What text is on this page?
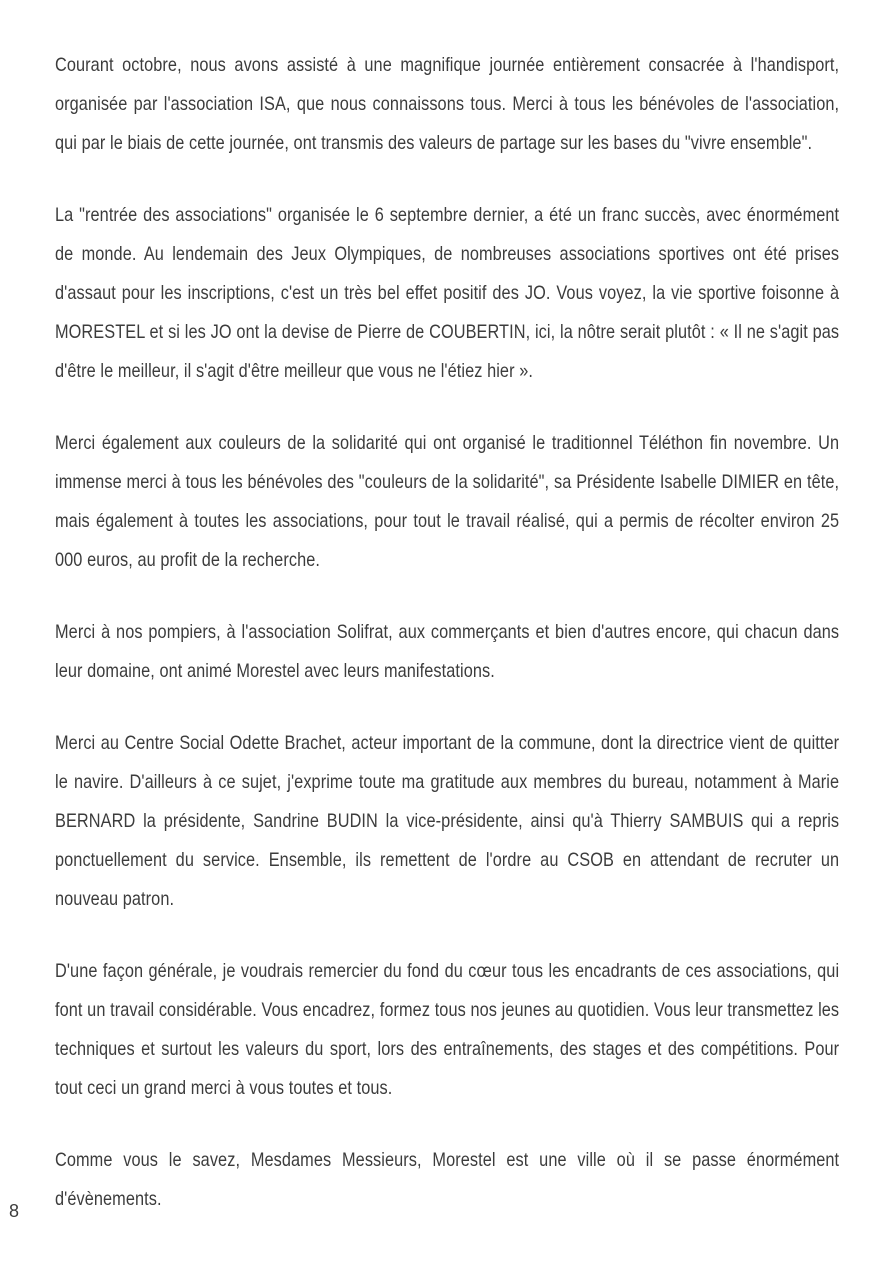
Courant octobre, nous avons assisté à une magnifique journée entièrement consacrée à l'handisport, organisée par l'association ISA, que nous connaissons tous. Merci à tous les bénévoles de l'association, qui par le biais de cette journée, ont transmis des valeurs de partage sur les bases du "vivre ensemble".

La "rentrée des associations" organisée le 6 septembre dernier, a été un franc succès, avec énormément de monde. Au lendemain des Jeux Olympiques, de nombreuses associations sportives ont été prises d'assaut pour les inscriptions, c'est un très bel effet positif des JO. Vous voyez, la vie sportive foisonne à MORESTEL et si les JO ont la devise de Pierre de COUBERTIN, ici, la nôtre serait plutôt : « Il ne s'agit pas d'être le meilleur, il s'agit d'être meilleur que vous ne l'étiez hier ».

Merci également aux couleurs de la solidarité qui ont organisé le traditionnel Téléthon fin novembre. Un immense merci à tous les bénévoles des "couleurs de la solidarité", sa Présidente Isabelle DIMIER en tête, mais également à toutes les associations, pour tout le travail réalisé, qui a permis de récolter environ 25 000 euros, au profit de la recherche.

Merci à nos pompiers, à l'association Solifrat, aux commerçants et bien d'autres encore, qui chacun dans leur domaine, ont animé Morestel avec leurs manifestations.

Merci au Centre Social Odette Brachet, acteur important de la commune, dont la directrice vient de quitter le navire. D'ailleurs à ce sujet, j'exprime toute ma gratitude aux membres du bureau, notamment à Marie BERNARD la présidente, Sandrine BUDIN la vice-présidente, ainsi qu'à Thierry SAMBUIS qui a repris ponctuellement du service. Ensemble, ils remettent de l'ordre au CSOB en attendant de recruter un nouveau patron.

D'une façon générale, je voudrais remercier du fond du cœur tous les encadrants de ces associations, qui font un travail considérable. Vous encadrez, formez tous nos jeunes au quotidien. Vous leur transmettez les techniques et surtout les valeurs du sport, lors des entraînements, des stages et des compétitions. Pour tout ceci un grand merci à vous toutes et tous.

Comme vous le savez, Mesdames Messieurs, Morestel est une ville où il se passe énormément d'évènements.

8
